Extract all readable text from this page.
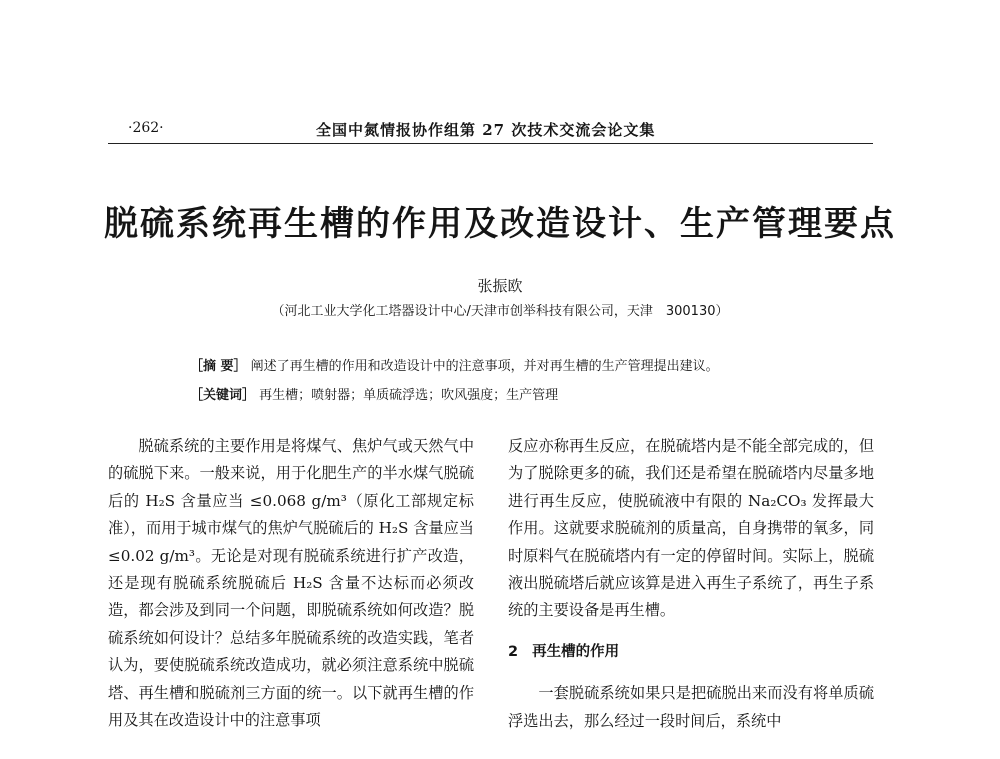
·262·	全国中氮情报协作组第 27 次技术交流会论文集
脱硫系统再生槽的作用及改造设计、生产管理要点
张振欧
（河北工业大学化工塔器设计中心/天津市创举科技有限公司，天津　300130）
［摘 要］ 阐述了再生槽的作用和改造设计中的注意事项，并对再生槽的生产管理提出建议。
［关键词］ 再生槽；喷射器；单质硫浮选；吹风强度；生产管理

脱硫系统的主要作用是将煤气、焦炉气或天然气中的硫脱下来。一般来说，用于化肥生产的半水煤气脱硫后的 H₂S 含量应当 ≤0.068 g/m³（原化工部规定标准），而用于城市煤气的焦炉气脱硫后的 H₂S 含量应当 ≤0.02 g/m³。无论是对现有脱硫系统进行扩产改造，还是现有脱硫系统脱硫后 H₂S 含量不达标而必须改造，都会涉及到同一个问题，即脱硫系统如何改造？脱硫系统如何设计？总结多年脱硫系统的改造实践，笔者认为，要使脱硫系统改造成功，就必须注意系统中脱硫塔、再生槽和脱硫剂三方面的统一。以下就再生槽的作用及其在改造设计中的注意事项

反应亦称再生反应，在脱硫塔内是不能全部完成的，但为了脱除更多的硫，我们还是希望在脱硫塔内尽量多地进行再生反应，使脱硫液中有限的 Na₂CO₃ 发挥最大作用。这就要求脱硫剂的质量高，自身携带的氧多，同时原料气在脱硫塔内有一定的停留时间。实际上，脱硫液出脱硫塔后就应该算是进入再生子系统了，再生子系统的主要设备是再生槽。

2 再生槽的作用

一套脱硫系统如果只是把硫脱出来而没有将单质硫浮选出去，那么经过一段时间后，系统中
